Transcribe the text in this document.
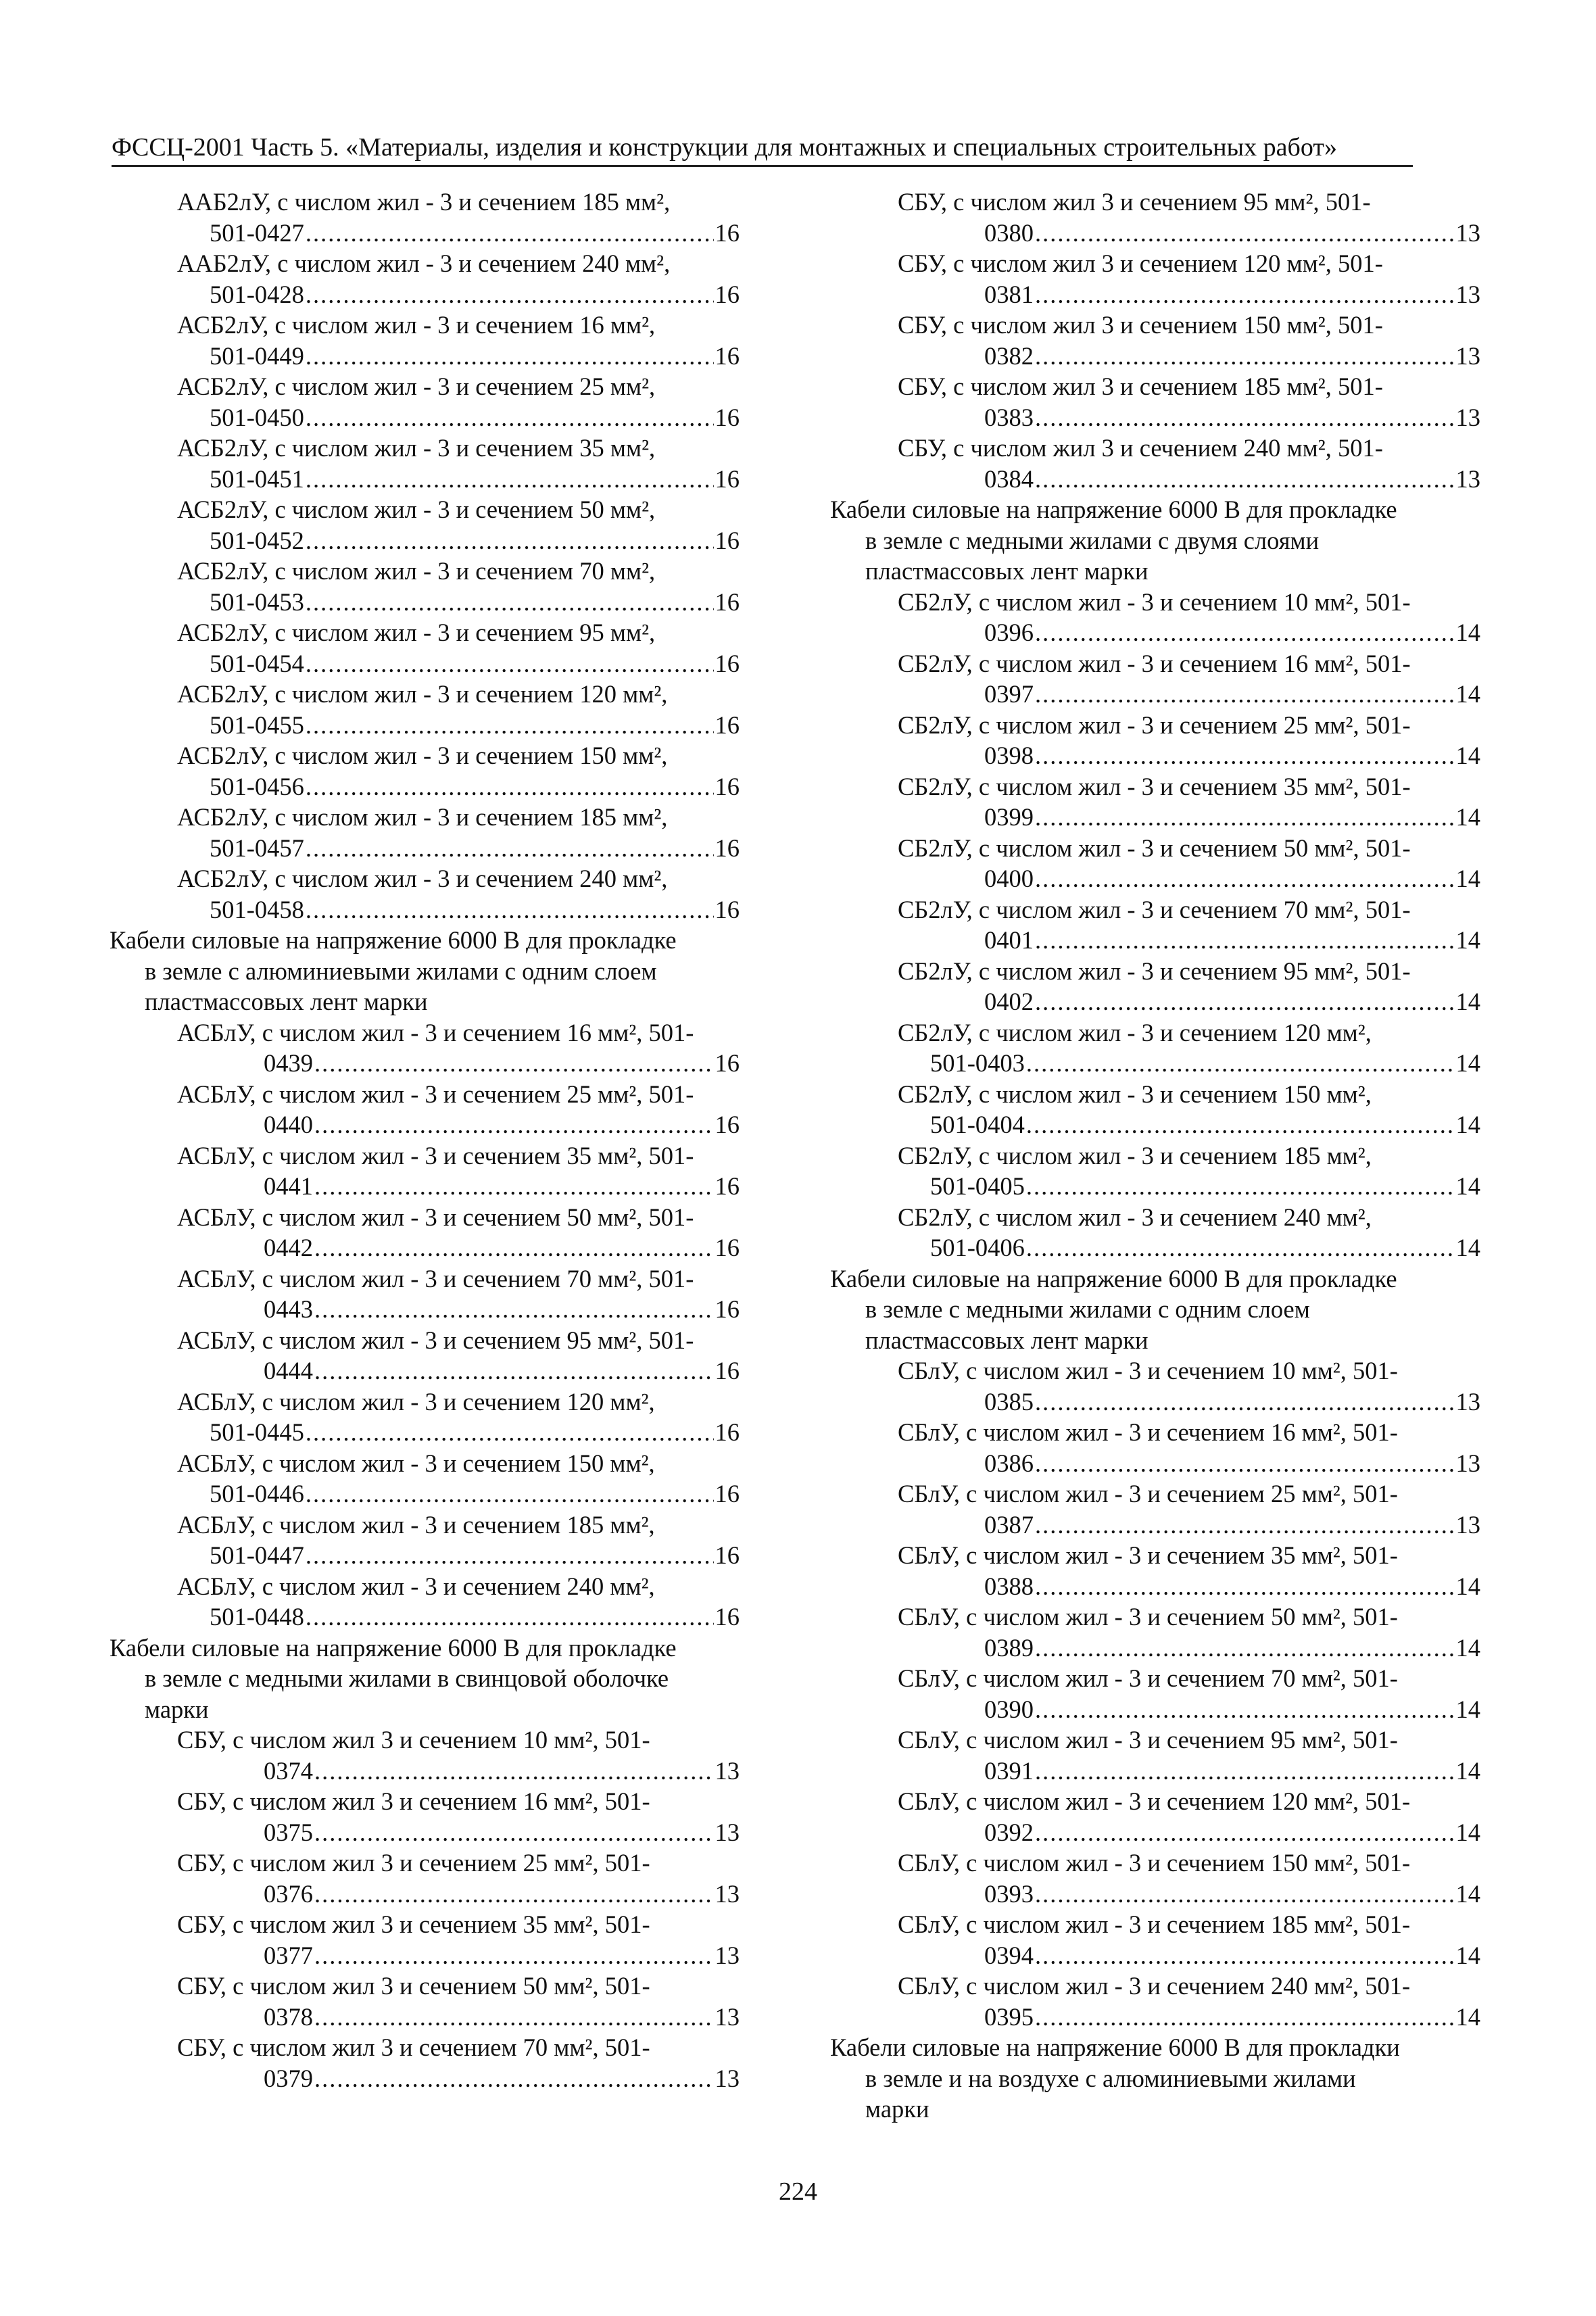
ФССЦ-2001 Часть 5. «Материалы, изделия и конструкции для монтажных и специальных строительных работ»
ААБ2лУ, с числом жил - 3 и сечением 185 мм²,
501-0427 .....	16
ААБ2лУ, с числом жил - 3 и сечением 240 мм²,
501-0428 .....	16
АСБ2лУ, с числом жил - 3 и сечением 16 мм²,
501-0449 .....	16
АСБ2лУ, с числом жил - 3 и сечением 25 мм²,
501-0450 .....	16
АСБ2лУ, с числом жил - 3 и сечением 35 мм²,
501-0451 .....	16
АСБ2лУ, с числом жил - 3 и сечением 50 мм²,
501-0452 .....	16
АСБ2лУ, с числом жил - 3 и сечением 70 мм²,
501-0453 .....	16
АСБ2лУ, с числом жил - 3 и сечением 95 мм²,
501-0454 .....	16
АСБ2лУ, с числом жил - 3 и сечением 120 мм²,
501-0455 .....	16
АСБ2лУ, с числом жил - 3 и сечением 150 мм²,
501-0456 .....	16
АСБ2лУ, с числом жил - 3 и сечением 185 мм²,
501-0457 .....	16
АСБ2лУ, с числом жил - 3 и сечением 240 мм²,
501-0458 .....	16
Кабели силовые на напряжение 6000 В для прокладке
в земле с алюминиевыми жилами с одним слоем
пластмассовых лент марки
АСБлУ, с числом жил - 3 и сечением 16 мм², 501-
0439 .....	16
АСБлУ, с числом жил - 3 и сечением 25 мм², 501-
0440 .....	16
АСБлУ, с числом жил - 3 и сечением 35 мм², 501-
0441 .....	16
АСБлУ, с числом жил - 3 и сечением 50 мм², 501-
0442 .....	16
АСБлУ, с числом жил - 3 и сечением 70 мм², 501-
0443 .....	16
АСБлУ, с числом жил - 3 и сечением 95 мм², 501-
0444 .....	16
АСБлУ, с числом жил - 3 и сечением 120 мм²,
501-0445 .....	16
АСБлУ, с числом жил - 3 и сечением 150 мм²,
501-0446 .....	16
АСБлУ, с числом жил - 3 и сечением 185 мм²,
501-0447 .....	16
АСБлУ, с числом жил - 3 и сечением 240 мм²,
501-0448 .....	16
Кабели силовые на напряжение 6000 В для прокладке
в земле с медными жилами в свинцовой оболочке
марки
СБУ, с числом жил 3 и сечением 10 мм², 501-
0374 .....	13
СБУ, с числом жил 3 и сечением 16 мм², 501-
0375 .....	13
СБУ, с числом жил 3 и сечением 25 мм², 501-
0376 .....	13
СБУ, с числом жил 3 и сечением 35 мм², 501-
0377 .....	13
СБУ, с числом жил 3 и сечением 50 мм², 501-
0378 .....	13
СБУ, с числом жил 3 и сечением 70 мм², 501-
0379 .....	13
СБУ, с числом жил 3 и сечением 95 мм², 501-
0380 .....	13
СБУ, с числом жил 3 и сечением 120 мм², 501-
0381 .....	13
СБУ, с числом жил 3 и сечением 150 мм², 501-
0382 .....	13
СБУ, с числом жил 3 и сечением 185 мм², 501-
0383 .....	13
СБУ, с числом жил 3 и сечением 240 мм², 501-
0384 .....	13
Кабели силовые на напряжение 6000 В для прокладке
в земле с медными жилами с двумя слоями
пластмассовых лент марки
СБ2лУ, с числом жил - 3 и сечением 10 мм², 501-
0396 .....	14
СБ2лУ, с числом жил - 3 и сечением 16 мм², 501-
0397 .....	14
СБ2лУ, с числом жил - 3 и сечением 25 мм², 501-
0398 .....	14
СБ2лУ, с числом жил - 3 и сечением 35 мм², 501-
0399 .....	14
СБ2лУ, с числом жил - 3 и сечением 50 мм², 501-
0400 .....	14
СБ2лУ, с числом жил - 3 и сечением 70 мм², 501-
0401 .....	14
СБ2лУ, с числом жил - 3 и сечением 95 мм², 501-
0402 .....	14
СБ2лУ, с числом жил - 3 и сечением 120 мм²,
501-0403 .....	14
СБ2лУ, с числом жил - 3 и сечением 150 мм²,
501-0404 .....	14
СБ2лУ, с числом жил - 3 и сечением 185 мм²,
501-0405 .....	14
СБ2лУ, с числом жил - 3 и сечением 240 мм²,
501-0406 .....	14
Кабели силовые на напряжение 6000 В для прокладке
в земле с медными жилами с одним слоем
пластмассовых лент марки
СБлУ, с числом жил - 3 и сечением 10 мм², 501-
0385 .....	13
СБлУ, с числом жил - 3 и сечением 16 мм², 501-
0386 .....	13
СБлУ, с числом жил - 3 и сечением 25 мм², 501-
0387 .....	13
СБлУ, с числом жил - 3 и сечением 35 мм², 501-
0388 .....	14
СБлУ, с числом жил - 3 и сечением 50 мм², 501-
0389 .....	14
СБлУ, с числом жил - 3 и сечением 70 мм², 501-
0390 .....	14
СБлУ, с числом жил - 3 и сечением 95 мм², 501-
0391 .....	14
СБлУ, с числом жил - 3 и сечением 120 мм², 501-
0392 .....	14
СБлУ, с числом жил - 3 и сечением 150 мм², 501-
0393 .....	14
СБлУ, с числом жил - 3 и сечением 185 мм², 501-
0394 .....	14
СБлУ, с числом жил - 3 и сечением 240 мм², 501-
0395 .....	14
Кабели силовые на напряжение 6000 В для прокладки
в земле и на воздухе с алюминиевыми жилами
марки
224
